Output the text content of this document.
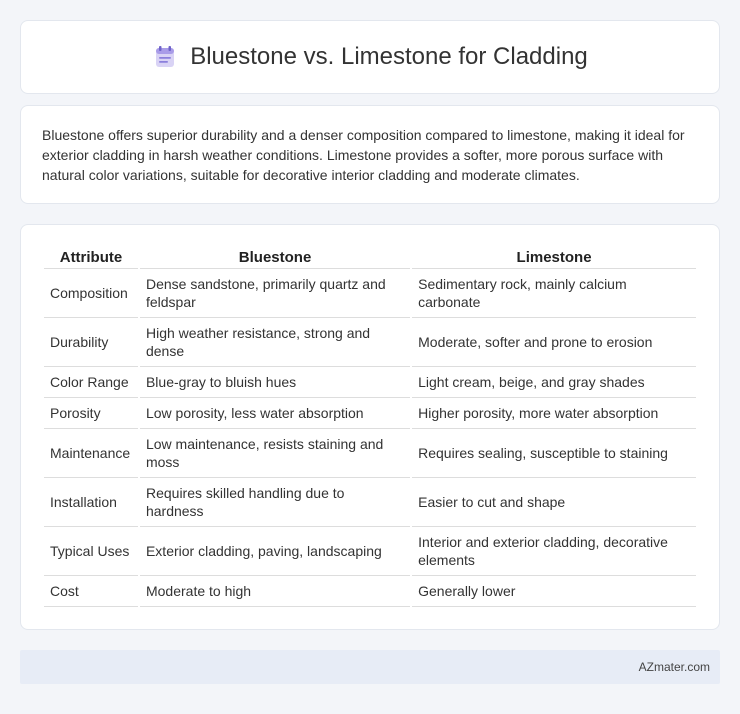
Bluestone vs. Limestone for Cladding

Bluestone offers superior durability and a denser composition compared to limestone, making it ideal for exterior cladding in harsh weather conditions. Limestone provides a softer, more porous surface with natural color variations, suitable for decorative interior cladding and moderate climates.

Attribute	Bluestone	Limestone
Composition	Dense sandstone, primarily quartz and feldspar	Sedimentary rock, mainly calcium carbonate
Durability	High weather resistance, strong and dense	Moderate, softer and prone to erosion
Color Range	Blue-gray to bluish hues	Light cream, beige, and gray shades
Porosity	Low porosity, less water absorption	Higher porosity, more water absorption
Maintenance	Low maintenance, resists staining and moss	Requires sealing, susceptible to staining
Installation	Requires skilled handling due to hardness	Easier to cut and shape
Typical Uses	Exterior cladding, paving, landscaping	Interior and exterior cladding, decorative elements
Cost	Moderate to high	Generally lower
AZmater.com
